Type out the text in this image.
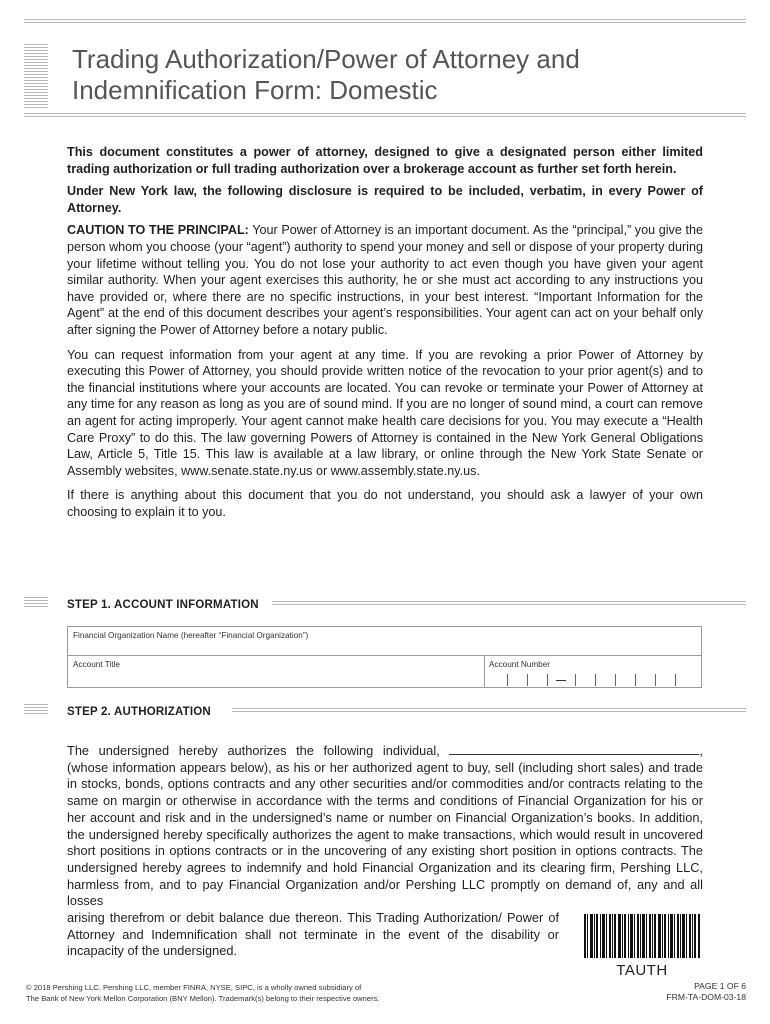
Trading Authorization/Power of Attorney and
Indemnification Form: Domestic

This document constitutes a power of attorney, designed to give a designated person either limited trading authorization or full trading authorization over a brokerage account as further set forth herein.

Under New York law, the following disclosure is required to be included, verbatim, in every Power of Attorney.

CAUTION TO THE PRINCIPAL: Your Power of Attorney is an important document. As the “principal,” you give the person whom you choose (your “agent”) authority to spend your money and sell or dispose of your property during your lifetime without telling you. You do not lose your authority to act even though you have given your agent similar authority. When your agent exercises this authority, he or she must act according to any instructions you have provided or, where there are no specific instructions, in your best interest. “Important Information for the Agent” at the end of this document describes your agent’s responsibilities. Your agent can act on your behalf only after signing the Power of Attorney before a notary public.

You can request information from your agent at any time. If you are revoking a prior Power of Attorney by executing this Power of Attorney, you should provide written notice of the revocation to your prior agent(s) and to the financial institutions where your accounts are located. You can revoke or terminate your Power of Attorney at any time for any reason as long as you are of sound mind. If you are no longer of sound mind, a court can remove an agent for acting improperly. Your agent cannot make health care decisions for you. You may execute a “Health Care Proxy” to do this. The law governing Powers of Attorney is contained in the New York General Obligations Law, Article 5, Title 15. This law is available at a law library, or online through the New York State Senate or Assembly websites, www.senate.state.ny.us or www.assembly.state.ny.us.

If there is anything about this document that you do not understand, you should ask a lawyer of your own choosing to explain it to you.

STEP 1. ACCOUNT INFORMATION
Financial Organization Name (hereafter “Financial Organization”)
Account Title	Account Number
STEP 2. AUTHORIZATION

The undersigned hereby authorizes the following individual,	, (whose information appears below), as his or her authorized agent to buy, sell (including short sales) and trade in stocks, bonds, options contracts and any other securities and/or commodities and/or contracts relating to the same on margin or otherwise in accordance with the terms and conditions of Financial Organization for his or her account and risk and in the undersigned’s name or number on Financial Organization’s books. In addition, the undersigned hereby specifically authorizes the agent to make transactions, which would result in uncovered short positions in options contracts or in the uncovering of any existing short position in options contracts. The undersigned hereby agrees to indemnify and hold Financial Organization and its clearing firm, Pershing LLC, harmless from, and to pay Financial Organization and/or Pershing LLC promptly on demand of, any and all losses

arising therefrom or debit balance due thereon. This Trading Authorization/ Power of Attorney and Indemnification shall not terminate in the event of the disability or incapacity of the undersigned.

TAUTH
© 2018 Pershing LLC. Pershing LLC, member FINRA, NYSE, SIPC, is a wholly owned subsidiary of
The Bank of New York Mellon Corporation (BNY Mellon). Trademark(s) belong to their respective owners.
PAGE 1 OF 6
FRM-TA-DOM-03-18
